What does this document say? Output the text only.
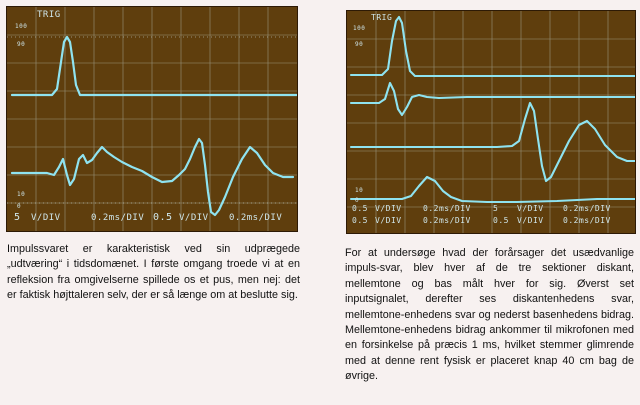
TRIG
100
90
10
0
5 V/DIV	0.2ms/DIV 0.5 V/DIV 0.2ms/DIV
TRIG
100
90
10
0
0.5 V/DIV	0.2ms/DIV	5 V/DIV 0.2ms/DIV
0.5 V/DIV	0.2ms/DIV	0.5 V/DIV 0.2ms/DIV

Impulssvaret er karakteristisk ved sin udprægede „udtværing“ i tidsdomænet. I første omgang troede vi at en refleksion fra omgivelserne spillede os et pus, men nej: det er faktisk højttaleren selv, der er så længe om at beslutte sig.

For at undersøge hvad der forårsager det usædvanlige impuls-svar, blev hver af de tre sektioner diskant, mellemtone og bas målt hver for sig. Øverst set inputsignalet, derefter ses diskantenhedens svar, mellemtone-enhedens svar og nederst basenhedens bidrag. Mellemtone-enhedens bidrag ankommer til mikrofonen med en forsinkelse på præcis 1 ms, hvilket stemmer glimrende med at denne rent fysisk er placeret knap 40 cm bag de øvrige.
